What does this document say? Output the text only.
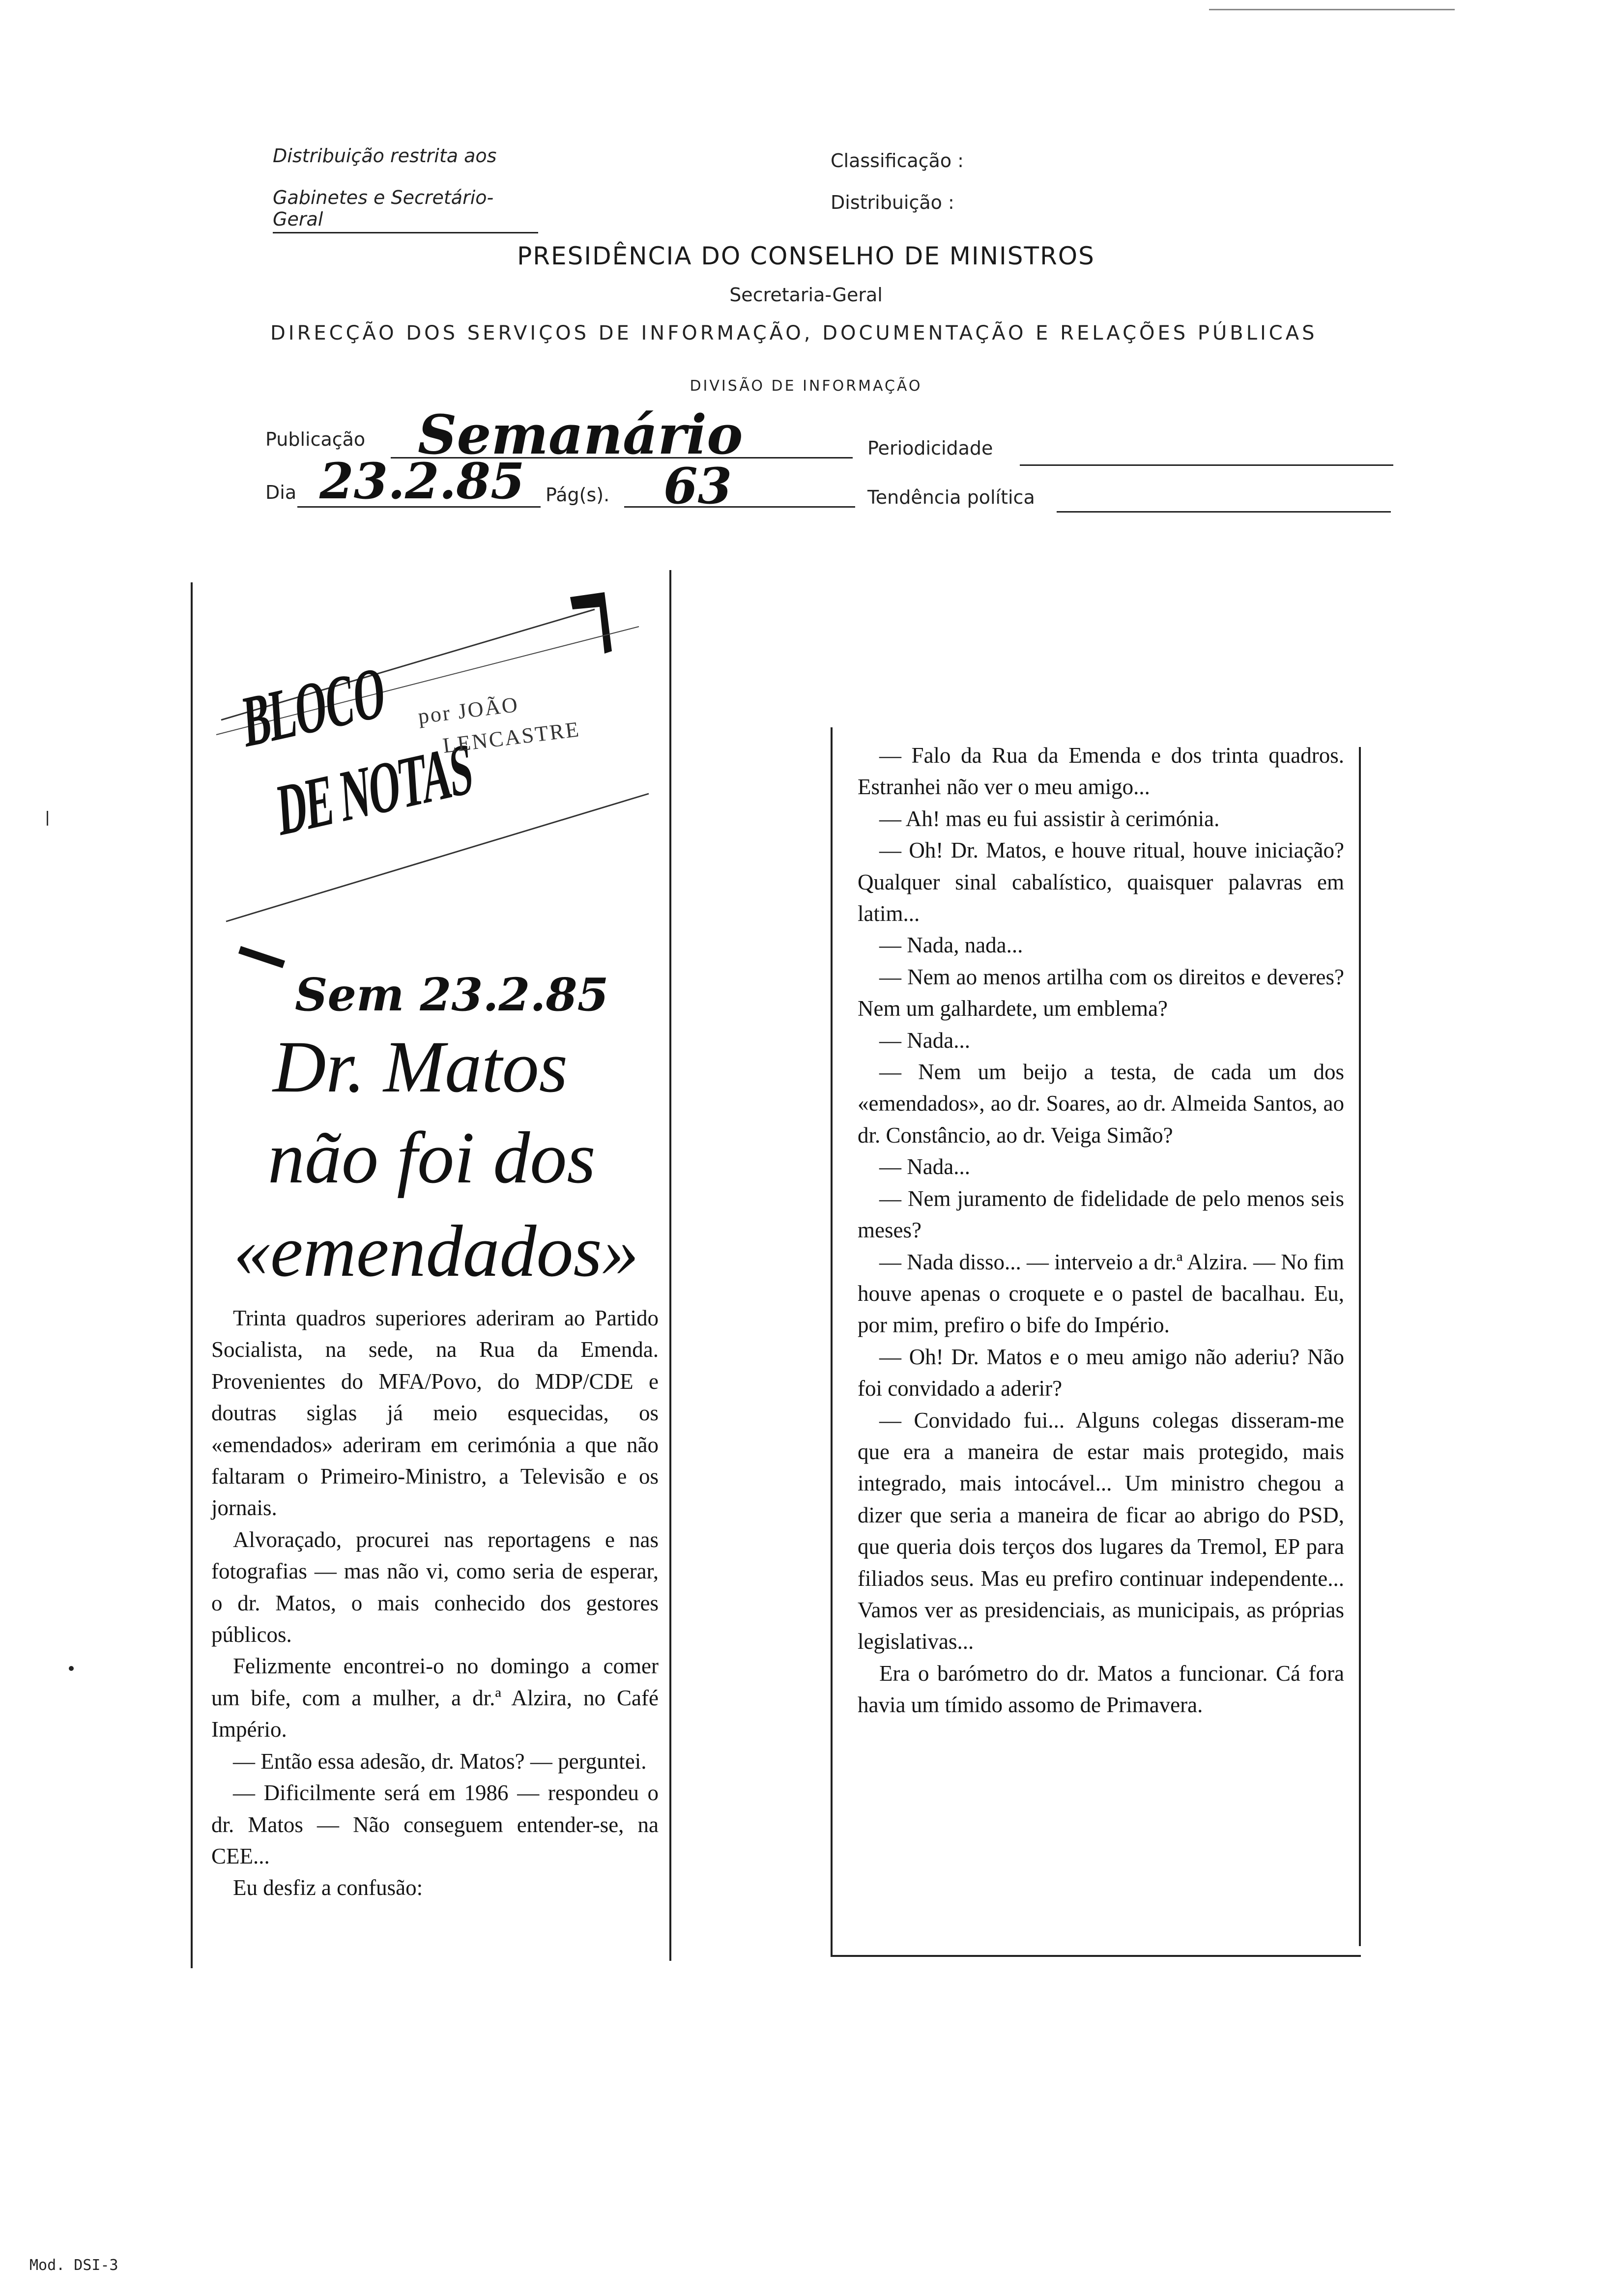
Distribuição restrita aos
Gabinetes e Secretário-Geral
Classificação :
Distribuição :
PRESIDÊNCIA DO CONSELHO DE MINISTROS
Secretaria-Geral
DIRECÇÃO DOS SERVIÇOS DE INFORMAÇÃO, DOCUMENTAÇÃO E RELAÇÕES PÚBLICAS
DIVISÃO DE INFORMAÇÃO
Publicação Semanário	Periodicidade
Dia 23.2.85 Pág(s). 63	Tendência política
BLOCO
DE NOTAS
por JOÃO
LENCASTRE
Sem 23.2.85
Dr. Matos
não foi dos
«emendados»

Trinta quadros superiores aderiram ao Partido Socialista, na sede, na Rua da Emenda. Provenientes do MFA/Povo, do MDP/CDE e doutras siglas já meio esquecidas, os «emendados» aderiram em cerimónia a que não faltaram o Primeiro-Ministro, a Televisão e os jornais.

Alvoraçado, procurei nas reportagens e nas fotografias — mas não vi, como seria de esperar, o dr. Matos, o mais conhecido dos gestores públicos.

Felizmente encontrei-o no domingo a comer um bife, com a mulher, a dr.ª Alzira, no Café Império.

— Então essa adesão, dr. Matos? — perguntei.

— Dificilmente será em 1986 — respondeu o dr. Matos — Não conseguem entender-se, na CEE...

Eu desfiz a confusão:

— Falo da Rua da Emenda e dos trinta quadros. Estranhei não ver o meu amigo...

— Ah! mas eu fui assistir à cerimónia.

— Oh! Dr. Matos, e houve ritual, houve iniciação? Qualquer sinal cabalístico, quaisquer palavras em latim...

— Nada, nada...

— Nem ao menos artilha com os direitos e deveres? Nem um galhardete, um emblema?

— Nada...

— Nem um beijo a testa, de cada um dos «emendados», ao dr. Soares, ao dr. Almeida Santos, ao dr. Constâncio, ao dr. Veiga Simão?

— Nada...

— Nem juramento de fidelidade de pelo menos seis meses?

— Nada disso... — interveio a dr.ª Alzira. — No fim houve apenas o croquete e o pastel de bacalhau. Eu, por mim, prefiro o bife do Império.

— Oh! Dr. Matos e o meu amigo não aderiu? Não foi convidado a aderir?

— Convidado fui... Alguns colegas disseram-me que era a maneira de estar mais protegido, mais integrado, mais intocável... Um ministro chegou a dizer que seria a maneira de ficar ao abrigo do PSD, que queria dois terços dos lugares da Tremol, EP para filiados seus. Mas eu prefiro continuar independente... Vamos ver as presidenciais, as municipais, as próprias legislativas...

Era o barómetro do dr. Matos a funcionar. Cá fora havia um tímido assomo de Primavera.

Mod. DSI-3
